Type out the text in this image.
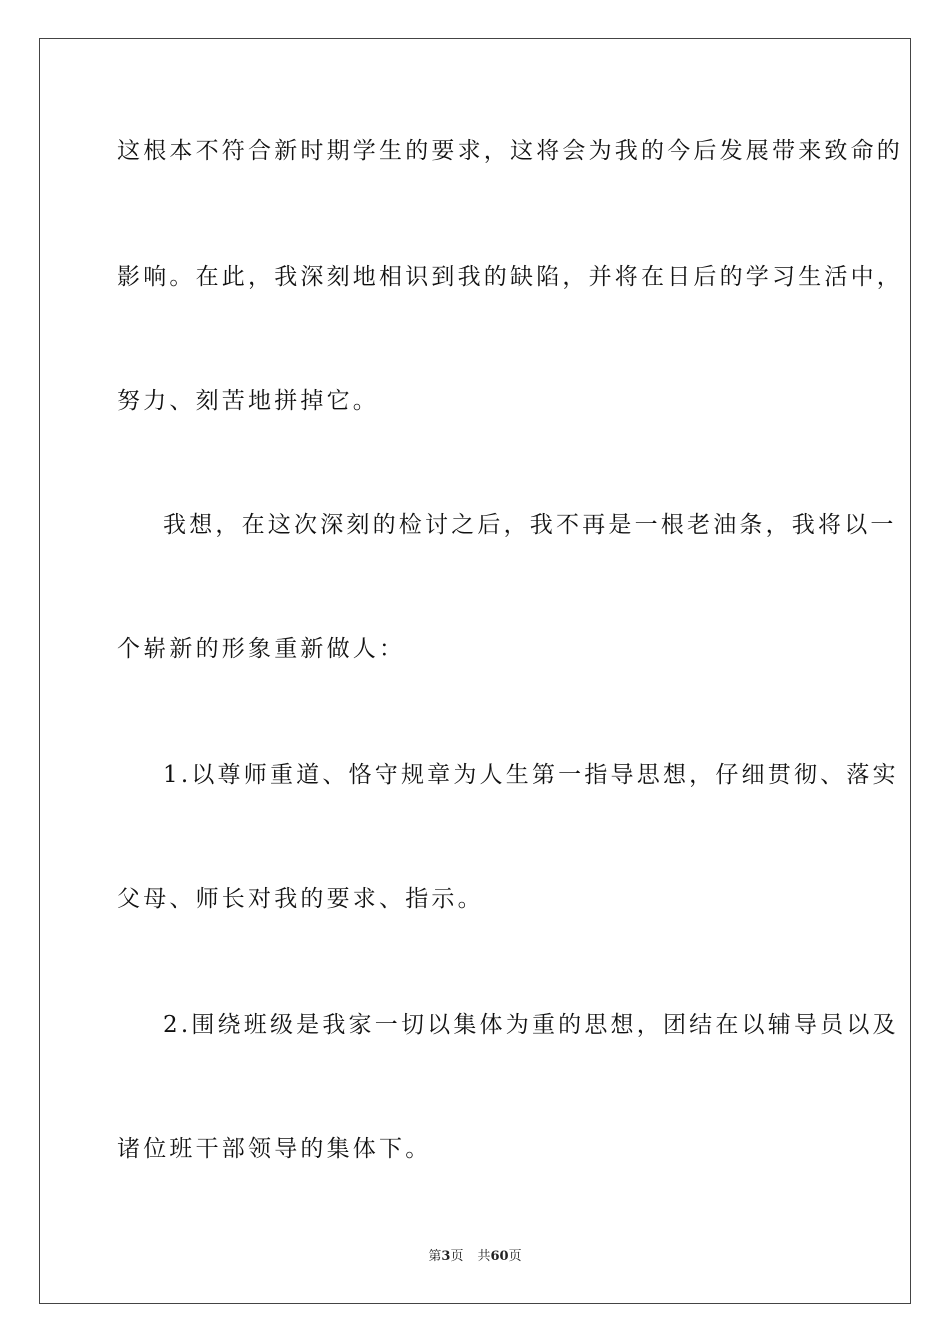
这根本不符合新时期学生的要求，这将会为我的今后发展带来致命的
影响。在此，我深刻地相识到我的缺陷，并将在日后的学习生活中，
努力、刻苦地拼掉它。
我想，在这次深刻的检讨之后，我不再是一根老油条，我将以一
个崭新的形象重新做人：
1.以尊师重道、恪守规章为人生第一指导思想，仔细贯彻、落实
父母、师长对我的要求、指示。
2.围绕班级是我家一切以集体为重的思想，团结在以辅导员以及
诸位班干部领导的集体下。
第3页 共60页
